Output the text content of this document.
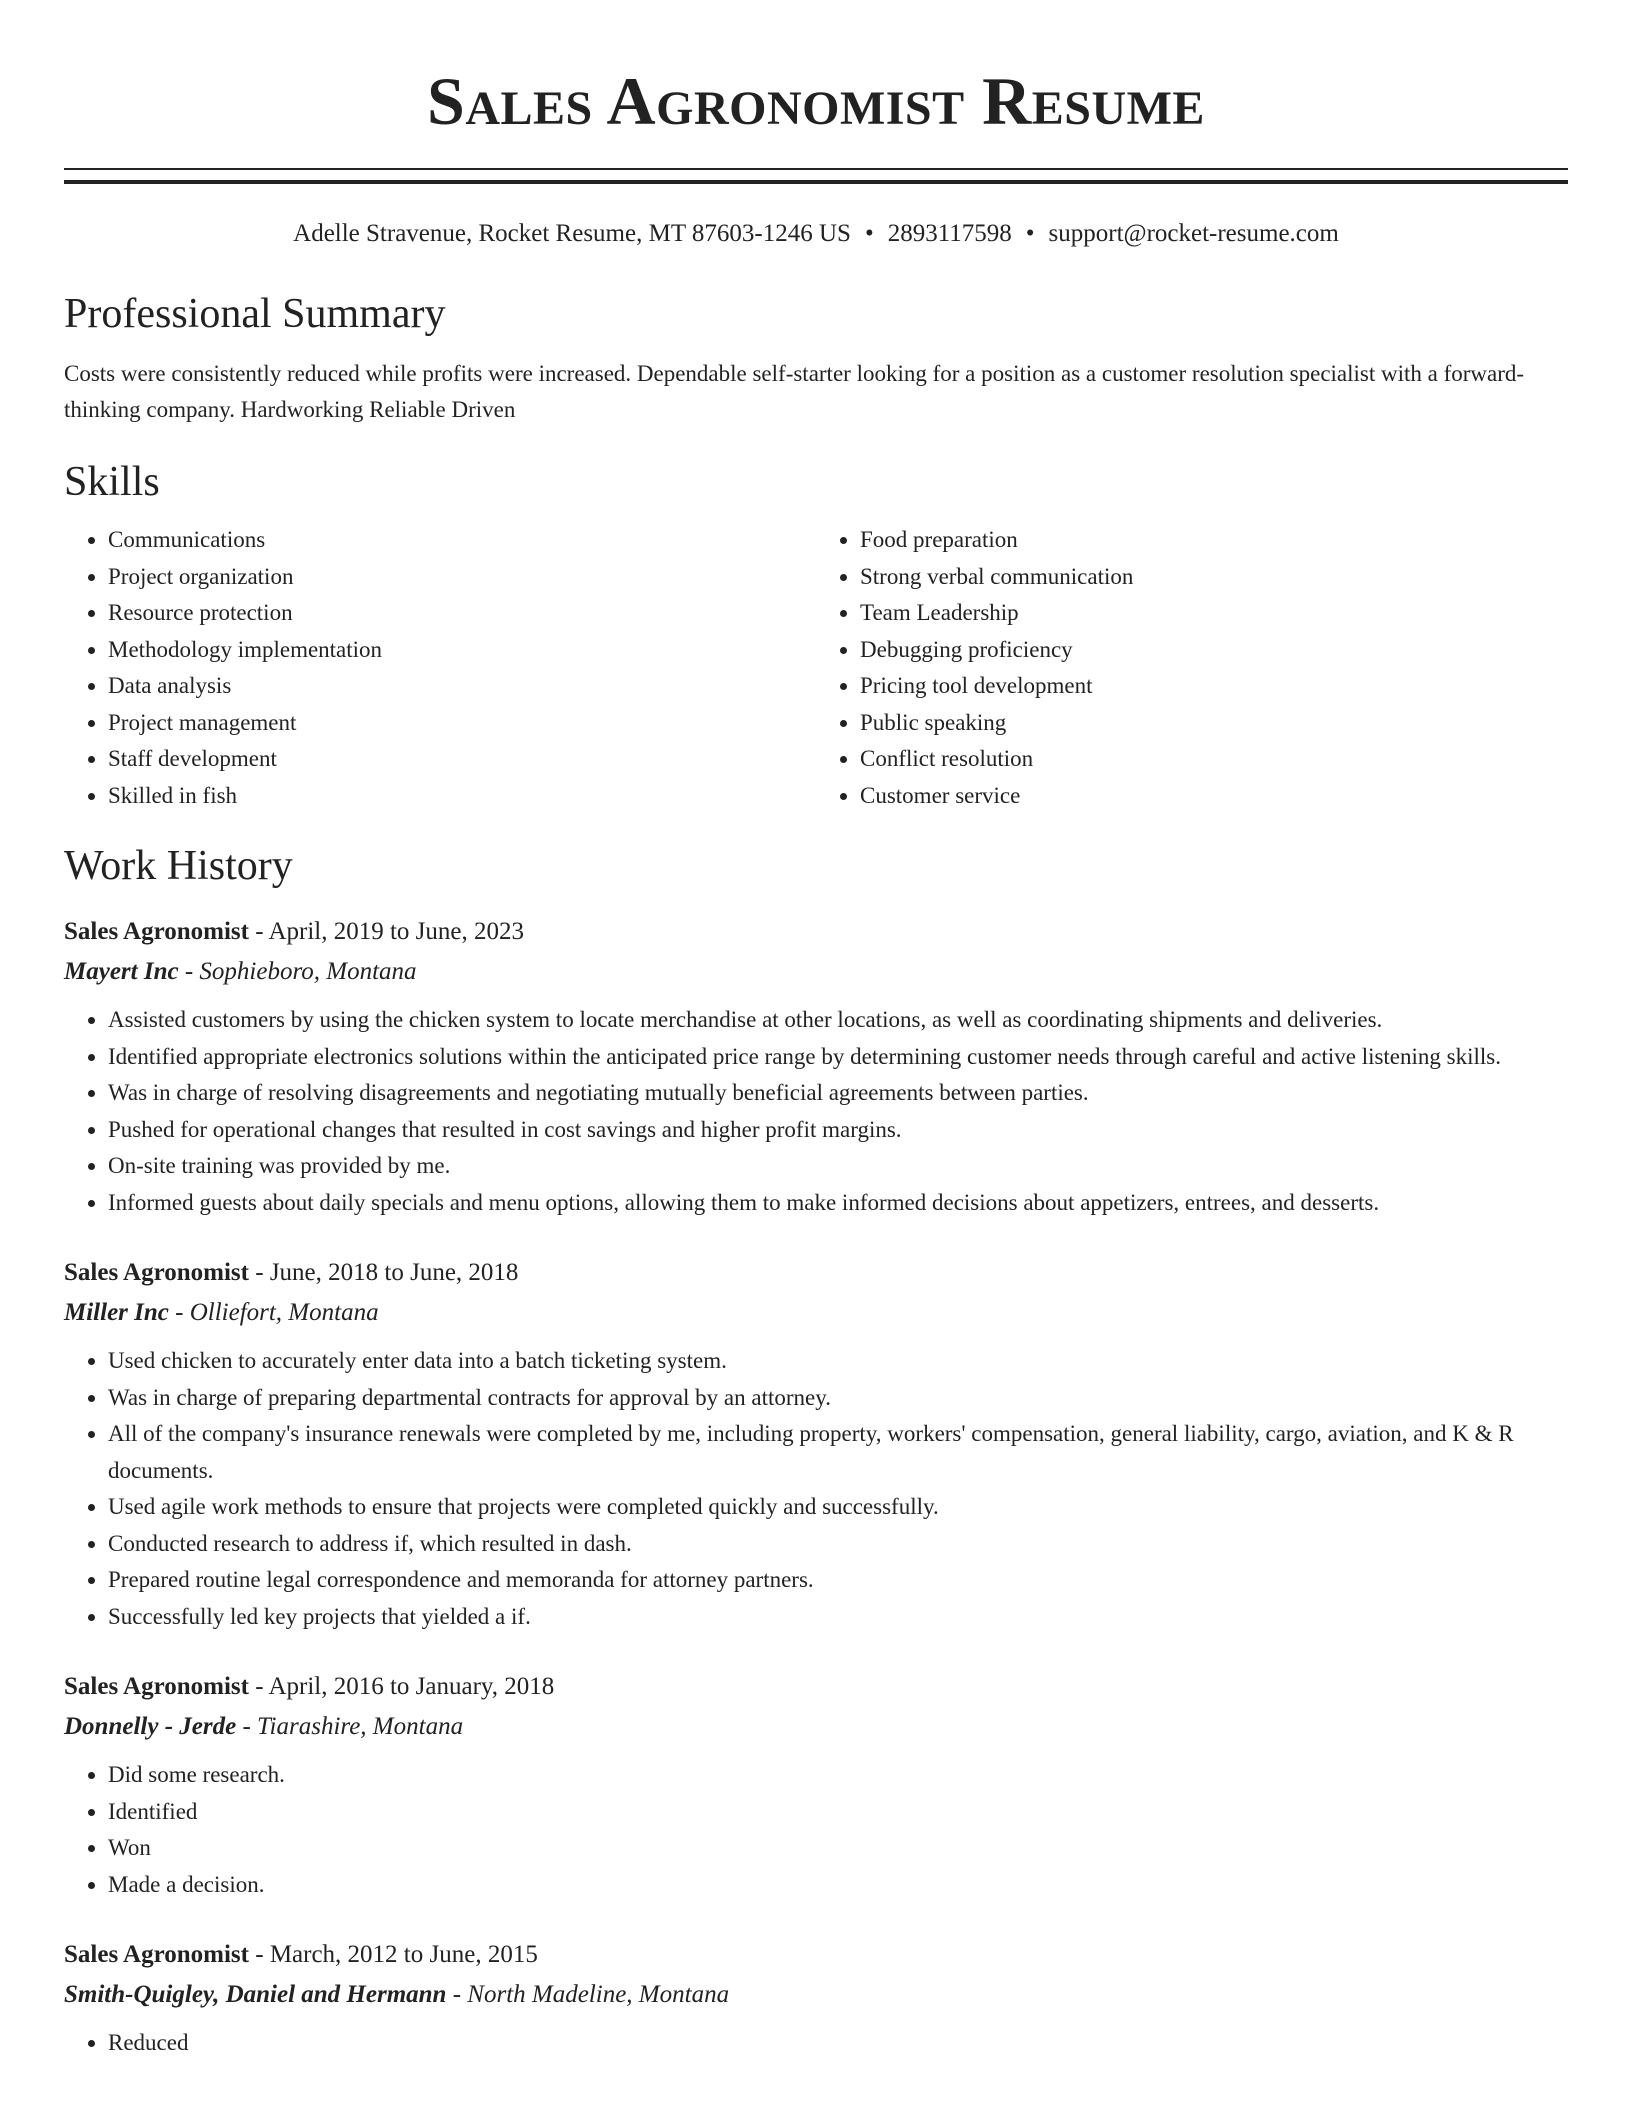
Sales Agronomist Resume
Adelle Stravenue, Rocket Resume, MT 87603-1246 US • 2893117598 • support@rocket-resume.com
Professional Summary

Costs were consistently reduced while profits were increased. Dependable self-starter looking for a position as a customer resolution specialist with a forward-thinking company. Hardworking Reliable Driven

Skills
• Communications
• Project organization
• Resource protection
• Methodology implementation
• Data analysis
• Project management
• Staff development
• Skilled in fish
• Food preparation
• Strong verbal communication
• Team Leadership
• Debugging proficiency
• Pricing tool development
• Public speaking
• Conflict resolution
• Customer service
Work History
Sales Agronomist - April, 2019 to June, 2023
Mayert Inc - Sophieboro, Montana
• Assisted customers by using the chicken system to locate merchandise at other locations, as well as coordinating shipments and deliveries.
• Identified appropriate electronics solutions within the anticipated price range by determining customer needs through careful and active listening skills.
• Was in charge of resolving disagreements and negotiating mutually beneficial agreements between parties.
• Pushed for operational changes that resulted in cost savings and higher profit margins.
• On-site training was provided by me.
• Informed guests about daily specials and menu options, allowing them to make informed decisions about appetizers, entrees, and desserts.
Sales Agronomist - June, 2018 to June, 2018
Miller Inc - Olliefort, Montana
• Used chicken to accurately enter data into a batch ticketing system.
• Was in charge of preparing departmental contracts for approval by an attorney.
• All of the company's insurance renewals were completed by me, including property, workers' compensation, general liability, cargo, aviation, and K & R documents.
• Used agile work methods to ensure that projects were completed quickly and successfully.
• Conducted research to address if, which resulted in dash.
• Prepared routine legal correspondence and memoranda for attorney partners.
• Successfully led key projects that yielded a if.
Sales Agronomist - April, 2016 to January, 2018
Donnelly - Jerde - Tiarashire, Montana
• Did some research.
• Identified
• Won
• Made a decision.
Sales Agronomist - March, 2012 to June, 2015
Smith-Quigley, Daniel and Hermann - North Madeline, Montana
• Reduced
